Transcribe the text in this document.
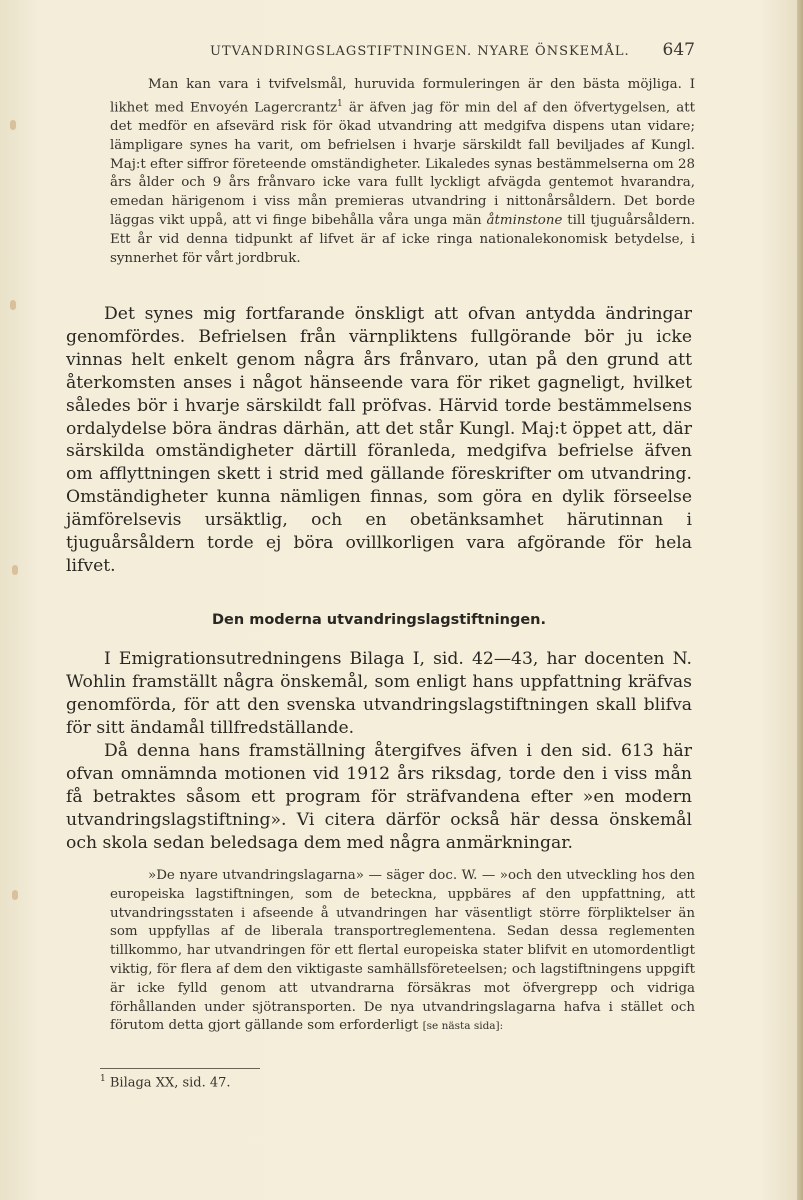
UTVANDRINGSLAGSTIFTNINGEN. NYARE ÖNSKEMÅL. 647

Man kan vara i tvifvelsmål, huruvida formuleringen är den bästa möjliga. I likhet med Envoyén Lagercrantz$^1$ är äfven jag för min del af den öfvertygelsen, att det medför en afsevärd risk för ökad utvandring att medgifva dispens utan vidare; lämpligare synes ha varit, om befrielsen i hvarje särskildt fall beviljades af Kungl. Maj:t efter siffror företeende omständigheter. Likaledes synas bestämmelserna om 28 års ålder och 9 års frånvaro icke vara fullt lyckligt afvägda gentemot hvarandra, emedan härigenom i viss mån premieras utvandring i nittonårsåldern. Det borde läggas vikt uppå, att vi finge bibehålla våra unga män åtminstone till tjuguårsåldern. Ett år vid denna tidpunkt af lifvet är af icke ringa nationalekonomisk betydelse, i synnerhet för vårt jordbruk.

Det synes mig fortfarande önskligt att ofvan antydda ändringar genomfördes. Befrielsen från värnpliktens fullgörande bör ju icke vinnas helt enkelt genom några års frånvaro, utan på den grund att återkomsten anses i något hänseende vara för riket gagneligt, hvilket således bör i hvarje särskildt fall pröfvas. Härvid torde bestämmelsens ordalydelse böra ändras därhän, att det står Kungl. Maj:t öppet att, där särskilda omständigheter därtill föranleda, medgifva befrielse äfven om afflyttningen skett i strid med gällande föreskrifter om utvandring. Omständigheter kunna nämligen finnas, som göra en dylik förseelse jämförelsevis ursäktlig, och en obetänksamhet härutinnan i tjuguårsåldern torde ej böra ovillkorligen vara afgörande för hela lifvet.

Den moderna utvandringslagstiftningen.

I Emigrationsutredningens Bilaga I, sid. 42—43, har docenten N. Wohlin framställt några önskemål, som enligt hans uppfattning kräfvas genomförda, för att den svenska utvandringslagstiftningen skall blifva för sitt ändamål tillfredställande.

Då denna hans framställning återgifves äfven i den sid. 613 här ofvan omnämnda motionen vid 1912 års riksdag, torde den i viss mån få betraktes såsom ett program för sträfvandena efter »en modern utvandringslagstiftning». Vi citera därför också här dessa önskemål och skola sedan beledsaga dem med några anmärkningar.

»De nyare utvandringslagarna» — säger doc. W. — »och den utveckling hos den europeiska lagstiftningen, som de beteckna, uppbäres af den uppfattning, att utvandringsstaten i afseende å utvandringen har väsentligt större förpliktelser än som uppfyllas af de liberala transportreglementena. Sedan dessa reglementen tillkommo, har utvandringen för ett flertal europeiska stater blifvit en utomordentligt viktig, för flera af dem den viktigaste samhällsföreteelsen; och lagstiftningens uppgift är icke fylld genom att utvandrarna försäkras mot öfvergrepp och vidriga förhållanden under sjötransporten. De nya utvandringslagarna hafva i stället och förutom detta gjort gällande som erforderligt [se nästa sida]:

$^1$ Bilaga XX, sid. 47.
